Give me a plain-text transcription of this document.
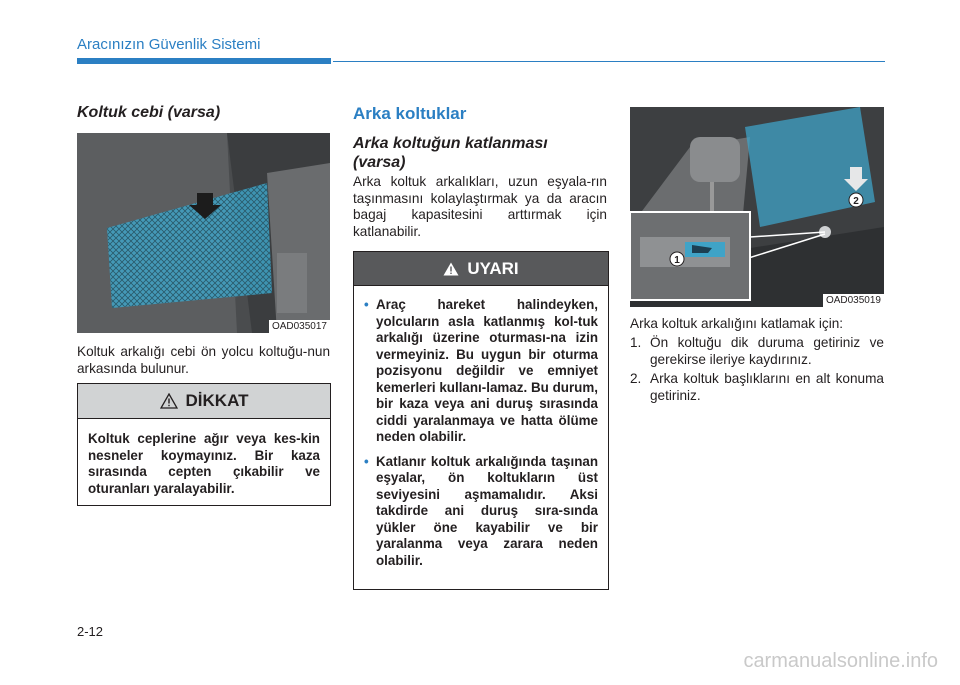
Aracınızın Güvenlik Sistemi
Koltuk cebi (varsa)
OAD035017
Koltuk arkalığı cebi ön yolcu koltuğu-nun arkasında bulunur.
DİKKAT
Koltuk ceplerine ağır veya kes-kin nesneler koymayınız. Bir kaza sırasında cepten çıkabilir ve oturanları yaralayabilir.
Arka koltuklar
Arka koltuğun katlanması
(varsa)
Arka koltuk arkalıkları, uzun eşyala-rın taşınmasını kolaylaştırmak ya da aracın bagaj kapasitesini arttırmak için katlanabilir.
UYARI
• Araç hareket halindeyken, yolcuların asla katlanmış kol-tuk arkalığı üzerine oturması-na izin vermeyiniz. Bu uygun bir oturma pozisyonu değildir ve emniyet kemerleri kullanı-lamaz. Bu durum, bir kaza veya ani duruş sırasında ciddi yaralanmaya ve hatta ölüme neden olabilir.
• Katlanır koltuk arkalığında taşınan eşyalar, ön koltukların üst seviyesini aşmamalıdır. Aksi takdirde ani duruş sıra-sında yükler öne kayabilir ve bir yaralanma veya zarara neden olabilir.
1
2
OAD035019
Arka koltuk arkalığını katlamak için:
1. Ön koltuğu dik duruma getiriniz ve gerekirse ileriye kaydırınız.
2. Arka koltuk başlıklarını en alt konuma getiriniz.
2-12
carmanualsonline.info
